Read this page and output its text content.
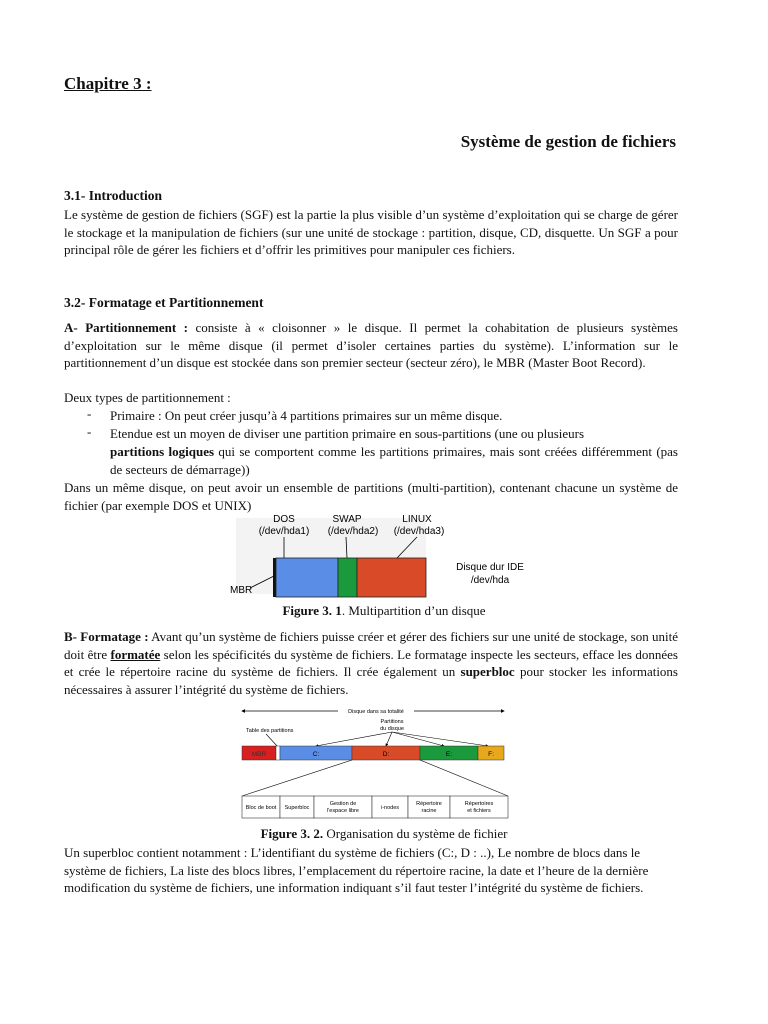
Chapitre 3 :
Système de gestion de fichiers
3.1- Introduction
Le système de gestion de fichiers (SGF) est la partie la plus visible d’un système d’exploitation qui se charge de gérer le stockage et la manipulation de fichiers (sur une unité de stockage : partition, disque, CD, disquette. Un SGF a pour principal rôle de gérer les fichiers et d’offrir les primitives pour manipuler ces fichiers.
3.2- Formatage et Partitionnement
A- Partitionnement : consiste à « cloisonner » le disque. Il permet la cohabitation de plusieurs systèmes d’exploitation sur le même disque (il permet d’isoler certaines parties du système). L’information sur le partitionnement d’un disque est stockée dans son premier secteur (secteur zéro), le MBR (Master Boot Record).
Deux types de partitionnement :
- Primaire : On peut créer jusqu’à 4 partitions primaires sur un même disque.
- Etendue est un moyen de diviser une partition primaire en sous-partitions (une ou plusieurs
partitions logiques qui se comportent comme les partitions primaires, mais sont créées différemment (pas de secteurs de démarrage))
Dans un même disque, on peut avoir un ensemble de partitions (multi-partition), contenant chacune un système de fichier (par exemple DOS et UNIX)
DOS
(/dev/hda1)
SWAP
(/dev/hda2)
LINUX
(/dev/hda3)
MBR
Disque dur IDE
/dev/hda
Figure 3. 1. Multipartition d’un disque
B- Formatage : Avant qu’un système de fichiers puisse créer et gérer des fichiers sur une unité de stockage, son unité doit être formatée selon les spécificités du système de fichiers. Le formatage inspecte les secteurs, efface les données et crée le répertoire racine du système de fichiers. Il crée également un superbloc pour stocker les informations nécessaires à assurer l’intégrité du système de fichiers.
Disque dans sa totalité
Table des partitions
Partitions
du disque
MBR	C:	D:	E:	F:
Bloc de boot Superbloc
Gestion de
l'espace libre	i-nodes
Répertoire
racine
Répertoires
et fichiers
Figure 3. 2. Organisation du système de fichier
Un superbloc contient notamment : L’identifiant du système de fichiers (C:, D : ..), Le nombre de blocs dans le système de fichiers, La liste des blocs libres, l’emplacement du répertoire racine, la date et l’heure de la dernière modification du système de fichiers, une information indiquant s’il faut tester l’intégrité du système de fichiers.
